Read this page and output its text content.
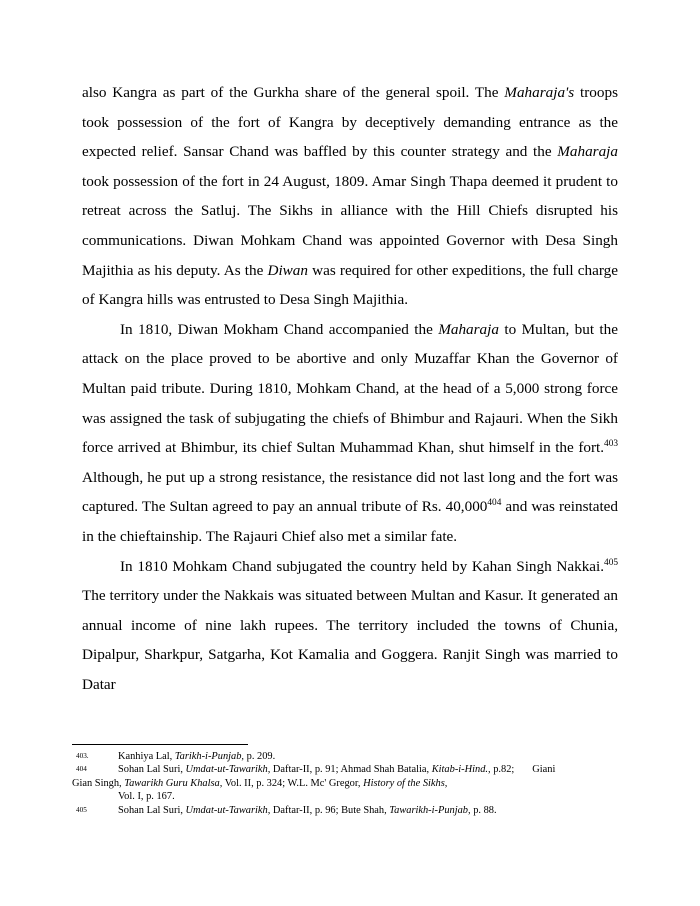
also Kangra as part of the Gurkha share of the general spoil. The Maharaja's troops took possession of the fort of Kangra by deceptively demanding entrance as the expected relief. Sansar Chand was baffled by this counter strategy and the Maharaja took possession of the fort in 24 August, 1809. Amar Singh Thapa deemed it prudent to retreat across the Satluj. The Sikhs in alliance with the Hill Chiefs disrupted his communications. Diwan Mohkam Chand was appointed Governor with Desa Singh Majithia as his deputy. As the Diwan was required for other expeditions, the full charge of Kangra hills was entrusted to Desa Singh Majithia.

In 1810, Diwan Mokham Chand accompanied the Maharaja to Multan, but the attack on the place proved to be abortive and only Muzaffar Khan the Governor of Multan paid tribute. During 1810, Mohkam Chand, at the head of a 5,000 strong force was assigned the task of subjugating the chiefs of Bhimbur and Rajauri. When the Sikh force arrived at Bhimbur, its chief Sultan Muhammad Khan, shut himself in the fort.$^{403}$ Although, he put up a strong resistance, the resistance did not last long and the fort was captured. The Sultan agreed to pay an annual tribute of Rs. 40,000$^{404}$ and was reinstated in the chieftainship. The Rajauri Chief also met a similar fate.

In 1810 Mohkam Chand subjugated the country held by Kahan Singh Nakkai.$^{405}$ The territory under the Nakkais was situated between Multan and Kasur. It generated an annual income of nine lakh rupees. The territory included the towns of Chunia, Dipalpur, Sharkpur, Satgarha, Kot Kamalia and Goggera. Ranjit Singh was married to Datar

403.	Kanhiya Lal, Tarikh-i-Punjab, p. 209.
404	Sohan Lal Suri, Umdat-ut-Tawarikh, Daftar-II, p. 91; Ahmad Shah Batalia, Kitab-i-Hind., p.82; Giani
Gian Singh, Tawarikh Guru Khalsa, Vol. II, p. 324; W.L. Mc' Gregor, History of the Sikhs,
Vol. I, p. 167.
405	Sohan Lal Suri, Umdat-ut-Tawarikh, Daftar-II, p. 96; Bute Shah, Tawarikh-i-Punjab, p. 88.
